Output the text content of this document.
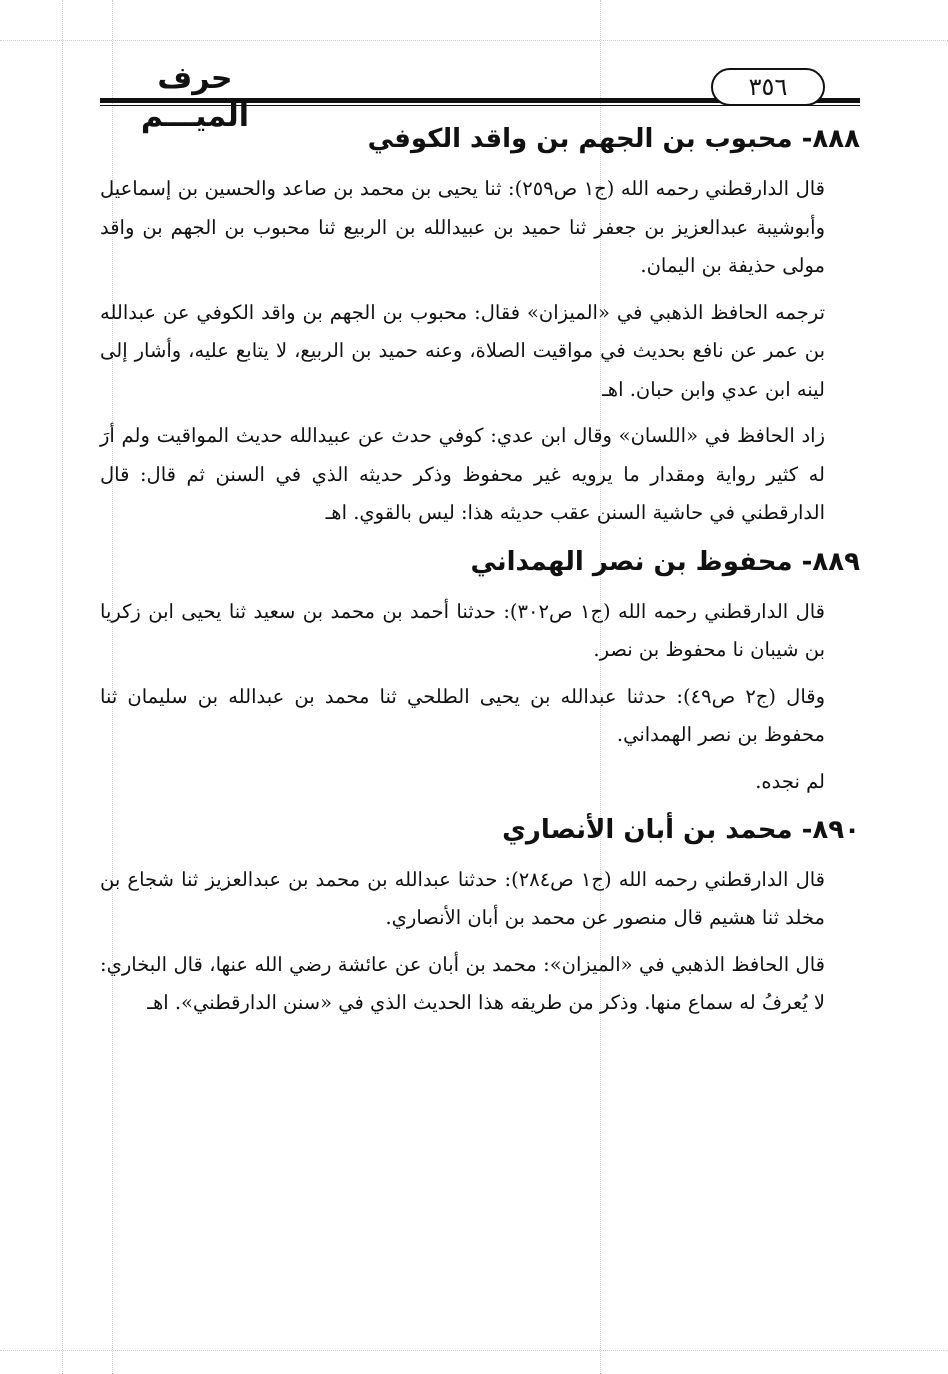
حرف الميـــم
٣٥٦
٨٨٨- محبوب بن الجهم بن واقد الكوفي

قال الدارقطني رحمه الله (ج١ ص٢٥٩): ثنا يحيى بن محمد بن صاعد والحسين بن إسماعيل وأبوشيبة عبدالعزيز بن جعفر ثنا حميد بن عبيدالله بن الربيع ثنا محبوب بن الجهم بن واقد مولى حذيفة بن اليمان.

ترجمه الحافظ الذهبي في «الميزان» فقال: محبوب بن الجهم بن واقد الكوفي عن عبدالله بن عمر عن نافع بحديث في مواقيت الصلاة، وعنه حميد بن الربيع، لا يتابع عليه، وأشار إلى لينه ابن عدي وابن حبان. اهـ

زاد الحافظ في «اللسان» وقال ابن عدي: كوفي حدث عن عبيدالله حديث المواقيت ولم أرَ له كثير رواية ومقدار ما يرويه غير محفوظ وذكر حديثه الذي في السنن ثم قال: قال الدارقطني في حاشية السنن عقب حديثه هذا: ليس بالقوي. اهـ

٨٨٩- محفوظ بن نصر الهمداني

قال الدارقطني رحمه الله (ج١ ص٣٠٢): حدثنا أحمد بن محمد بن سعيد ثنا يحيى ابن زكريا بن شيبان نا محفوظ بن نصر.

وقال (ج٢ ص٤٩): حدثنا عبدالله بن يحيى الطلحي ثنا محمد بن عبدالله بن سليمان ثنا محفوظ بن نصر الهمداني.

لم نجده.

٨٩٠- محمد بن أبان الأنصاري

قال الدارقطني رحمه الله (ج١ ص٢٨٤): حدثنا عبدالله بن محمد بن عبدالعزيز ثنا شجاع بن مخلد ثنا هشيم قال منصور عن محمد بن أبان الأنصاري.

قال الحافظ الذهبي في «الميزان»: محمد بن أبان عن عائشة رضي الله عنها، قال البخاري: لا يُعرفُ له سماع منها. وذكر من طريقه هذا الحديث الذي في «سنن الدارقطني». اهـ
